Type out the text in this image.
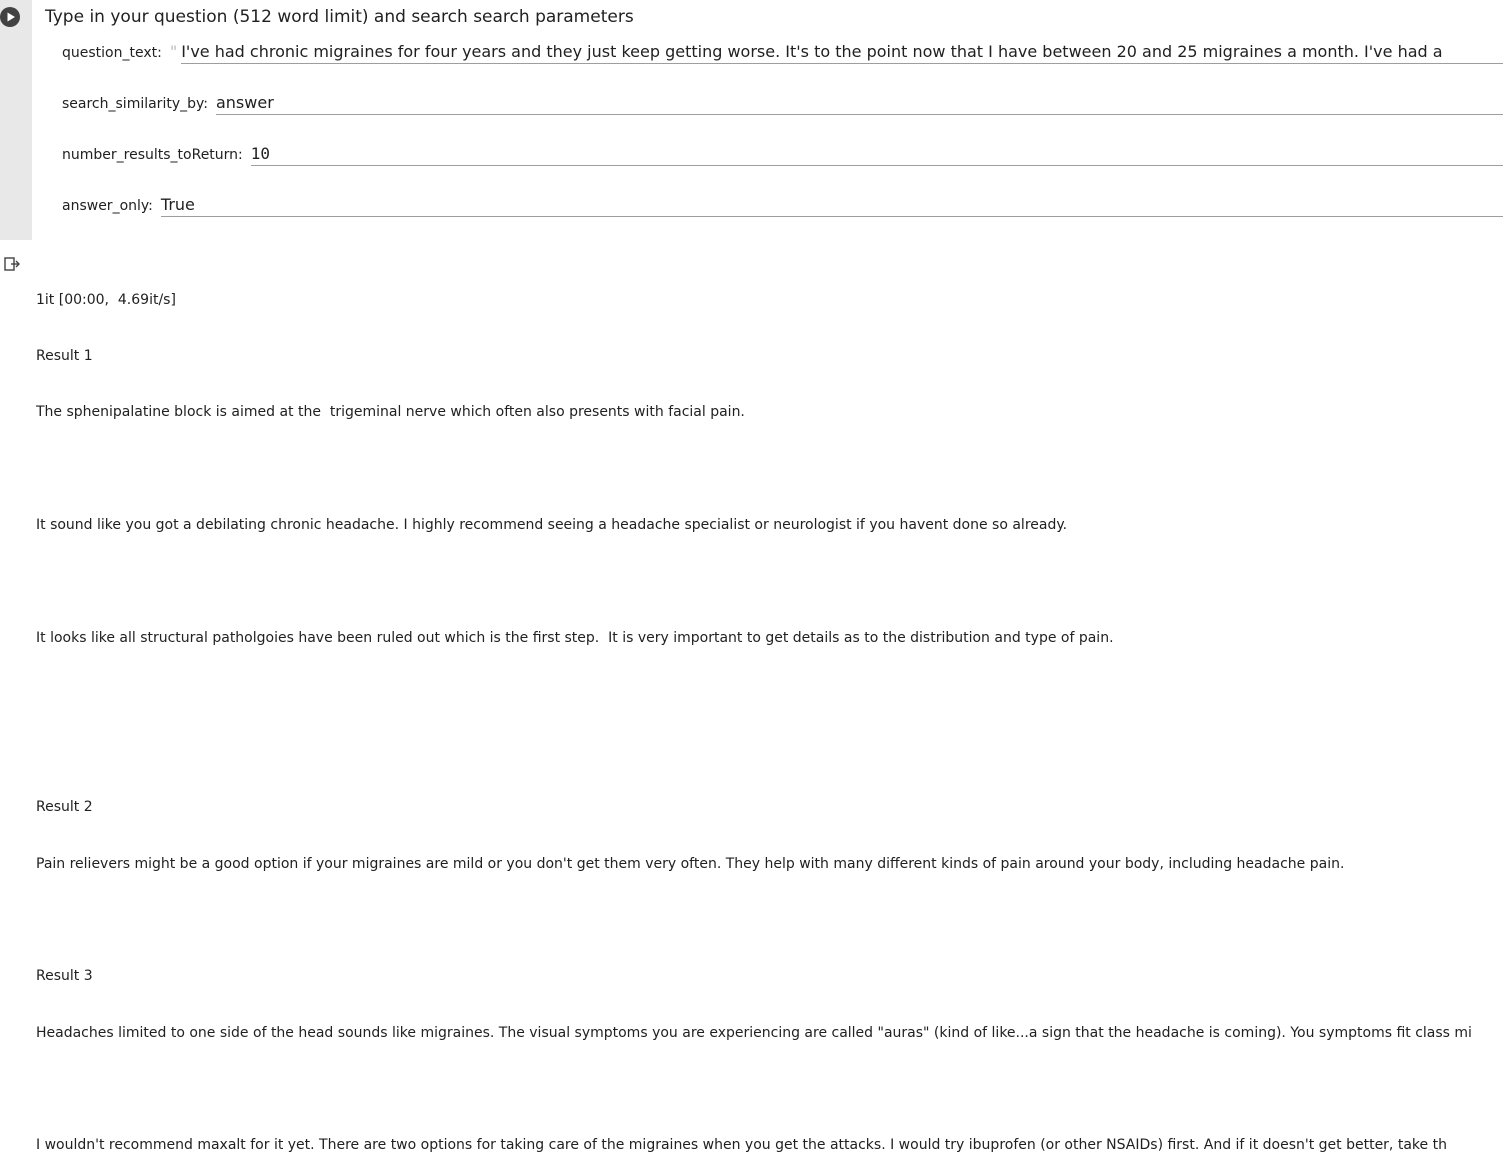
Type in your question (512 word limit) and search search parameters
question_text: " I've had chronic migraines for four years and they just keep getting worse. It's to the point now that I have between 20 and 25 migraines a month. I've had a
search_similarity_by: answer
number_results_toReturn: 10
answer_only: True

1it [00:00,  4.69it/s]

Result 1

The sphenipalatine block is aimed at the  trigeminal nerve which often also presents with facial pain.

It sound like you got a debilating chronic headache. I highly recommend seeing a headache specialist or neurologist if you havent done so already.

It looks like all structural patholgoies have been ruled out which is the first step.  It is very important to get details as to the distribution and type of pain.

Result 2

Pain relievers might be a good option if your migraines are mild or you don't get them very often. They help with many different kinds of pain around your body, including headache pain.

Result 3

Headaches limited to one side of the head sounds like migraines. The visual symptoms you are experiencing are called "auras" (kind of like...a sign that the headache is coming). You symptoms fit class mi

I wouldn't recommend maxalt for it yet. There are two options for taking care of the migraines when you get the attacks. I would try ibuprofen (or other NSAIDs) first. And if it doesn't get better, take th
